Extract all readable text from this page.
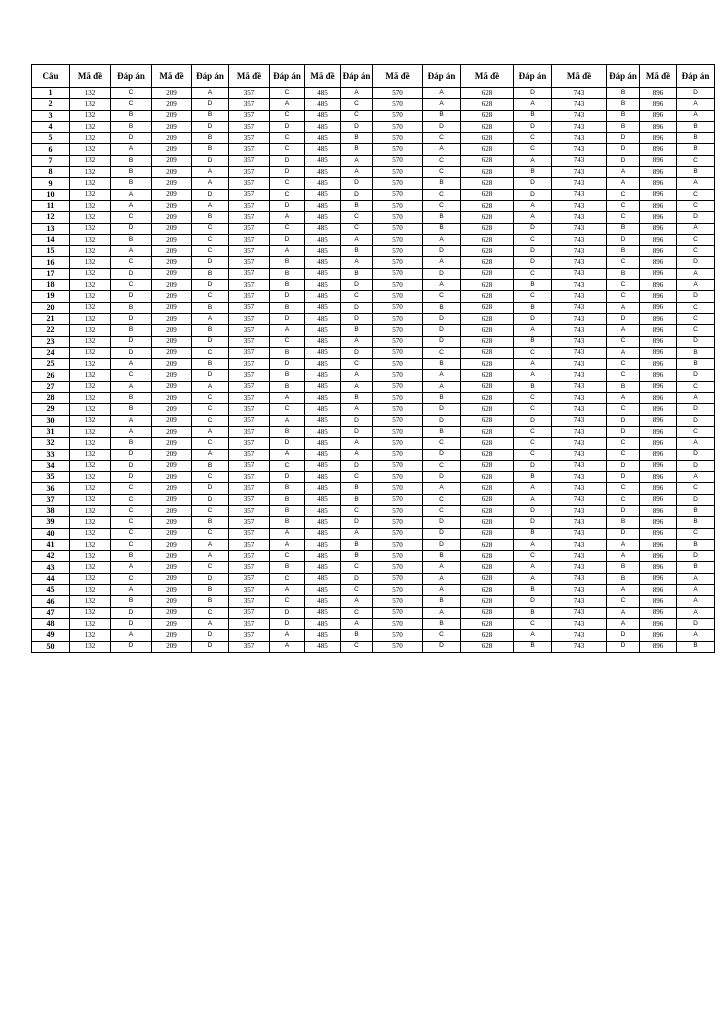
Câu	Mã đề	Đáp án	Mã đề	Đáp án	Mã đề	Đáp án	Mã đề	Đáp án	Mã đề	Đáp án	Mã đề	Đáp án	Mã đề	Đáp án	Mã đề	Đáp án
1	132	C	209	A	357	C	485	A	570	A	628	D	743	B	896	D
2	132	C	209	D	357	A	485	C	570	A	628	A	743	B	896	A
3	132	B	209	B	357	C	485	C	570	B	628	B	743	B	896	A
4	132	B	209	D	357	D	485	D	570	D	628	D	743	B	896	B
5	132	D	209	B	357	C	485	B	570	C	628	C	743	D	896	B
6	132	A	209	B	357	C	485	B	570	A	628	C	743	D	896	B
7	132	B	209	D	357	D	485	A	570	C	628	A	743	D	896	C
8	132	B	209	A	357	D	485	A	570	C	628	B	743	A	896	B
9	132	B	209	A	357	C	485	D	570	B	628	D	743	A	896	A
10	132	A	209	D	357	C	485	D	570	C	628	D	743	C	896	C
11	132	A	209	A	357	D	485	B	570	C	628	A	743	C	896	C
12	132	C	209	B	357	A	485	C	570	B	628	A	743	C	896	D
13	132	D	209	C	357	C	485	C	570	B	628	D	743	B	896	A
14	132	B	209	C	357	D	485	A	570	A	628	C	743	D	896	C
15	132	A	209	C	357	A	485	B	570	D	628	D	743	B	896	C
16	132	C	209	D	357	B	485	A	570	A	628	D	743	C	896	D
17	132	D	209	B	357	B	485	B	570	D	628	C	743	B	896	A
18	132	C	209	D	357	B	485	D	570	A	628	B	743	C	896	A
19	132	D	209	C	357	D	485	C	570	C	628	C	743	C	896	D
20	132	B	209	B	357	B	485	D	570	B	628	B	743	A	896	C
21	132	D	209	A	357	D	485	D	570	D	628	D	743	D	896	C
22	132	B	209	B	357	A	485	B	570	D	628	A	743	A	896	C
23	132	D	209	D	357	C	485	A	570	D	628	B	743	C	896	D
24	132	D	209	C	357	B	485	D	570	C	628	C	743	A	896	B
25	132	A	209	B	357	D	485	C	570	B	628	A	743	C	896	B
26	132	C	209	D	357	B	485	A	570	A	628	A	743	C	896	D
27	132	A	209	A	357	B	485	A	570	A	628	B	743	B	896	C
28	132	B	209	C	357	A	485	B	570	B	628	C	743	A	896	A
29	132	B	209	C	357	C	485	A	570	D	628	C	743	C	896	D
30	132	A	209	C	357	A	485	D	570	D	628	D	743	D	896	D
31	132	A	209	A	357	B	485	D	570	B	628	C	743	D	896	C
32	132	B	209	C	357	D	485	A	570	C	628	C	743	C	896	A
33	132	D	209	A	357	A	485	A	570	D	628	C	743	C	896	D
34	132	D	209	B	357	C	485	D	570	C	628	D	743	D	896	D
35	132	D	209	C	357	D	485	C	570	D	628	B	743	D	896	A
36	132	C	209	D	357	B	485	B	570	A	628	A	743	C	896	C
37	132	C	209	D	357	B	485	B	570	C	628	A	743	C	896	D
38	132	C	209	C	357	B	485	C	570	C	628	D	743	D	896	B
39	132	C	209	B	357	B	485	D	570	D	628	D	743	B	896	B
40	132	C	209	C	357	A	485	A	570	D	628	B	743	D	896	C
41	132	C	209	A	357	A	485	B	570	D	628	A	743	A	896	B
42	132	B	209	A	357	C	485	B	570	B	628	C	743	A	896	D
43	132	A	209	C	357	B	485	C	570	A	628	A	743	B	896	B
44	132	C	209	D	357	C	485	D	570	A	628	A	743	B	896	A
45	132	A	209	B	357	A	485	C	570	A	628	B	743	A	896	A
46	132	B	209	B	357	C	485	A	570	B	628	D	743	C	896	A
47	132	D	209	C	357	D	485	C	570	A	628	B	743	A	896	A
48	132	D	209	A	357	D	485	A	570	B	628	C	743	A	896	D
49	132	A	209	D	357	A	485	B	570	C	628	A	743	D	896	A
50	132	D	209	D	357	A	485	C	570	D	628	B	743	D	896	B
